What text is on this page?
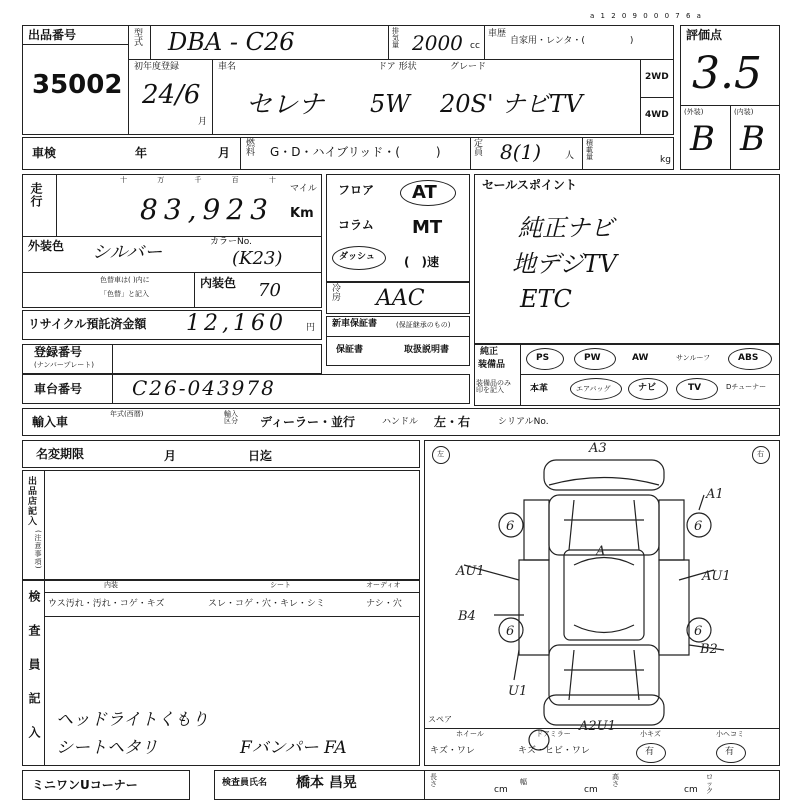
a 1 2 0 9 0 0 0 7 6 a
出品番号
35002
型式 DBA - C26	排気量 2000 cc
車歴
自家用・レンタ・(　　　　　)
初年度登録
24/6
月
車名
セレナ
ドア 形状
5W
グレード
20S' ナビTV
2WD
4WD
評価点
3.5
(外装)	(内装)
B B
車検	年	月
燃料 G・D・ハイブリッド・(　　　)
定員 8(1)	人
積載量	kg
走行
十 万 千 百 十
83,923
マイル
Km
フロア AT
コラム MT
ダッシュ (　)速
セールスポイント
純正ナビ
地デジTV
ETC
外装色 シルバー	カラーNo.
(K23)
色替車は( )内に
「色替」と記入
内装色 70	冷房 AAC
リサイクル預託済金額 12,160 円 新車保証書	(保証継承のもの)
保証書	取扱説明書
登録番号
(ナンバープレート)
車台番号 C26-043978
純正
装備品
装備品のみ印を記入
PS	PW	AW	サンルーフ	ABS
本革	エアバッグ	ナビ	TV	Dチューナー
輸入車
年式(西暦)	輸入区分	ディーラー・並行	ハンドル 左・右	シリアルNo.
名変期限	月	日迄
出品店記入
(注意事項)
検査員記入
内装	シート	オーディオ
ウス汚れ・汚れ・コゲ・キズ	スレ・コゲ・穴・キレ・シミ	ナシ・穴
ヘッドライトくもり
シートヘタリ	Fバンパー FA
左	右
A3
A1
A
AU1	AU1
B4
B2
U1
A2U1
6	6
6	6
スペア
ホイール
キズ・ワレ
ドアミラー
キズ・ヒビ・ワレ
小キズ
有
小ヘコミ
有
ミニワンUコーナー	検査員氏名 橋本 昌晃	長さ
cm
幅
cm
高さ
cm
ロック
